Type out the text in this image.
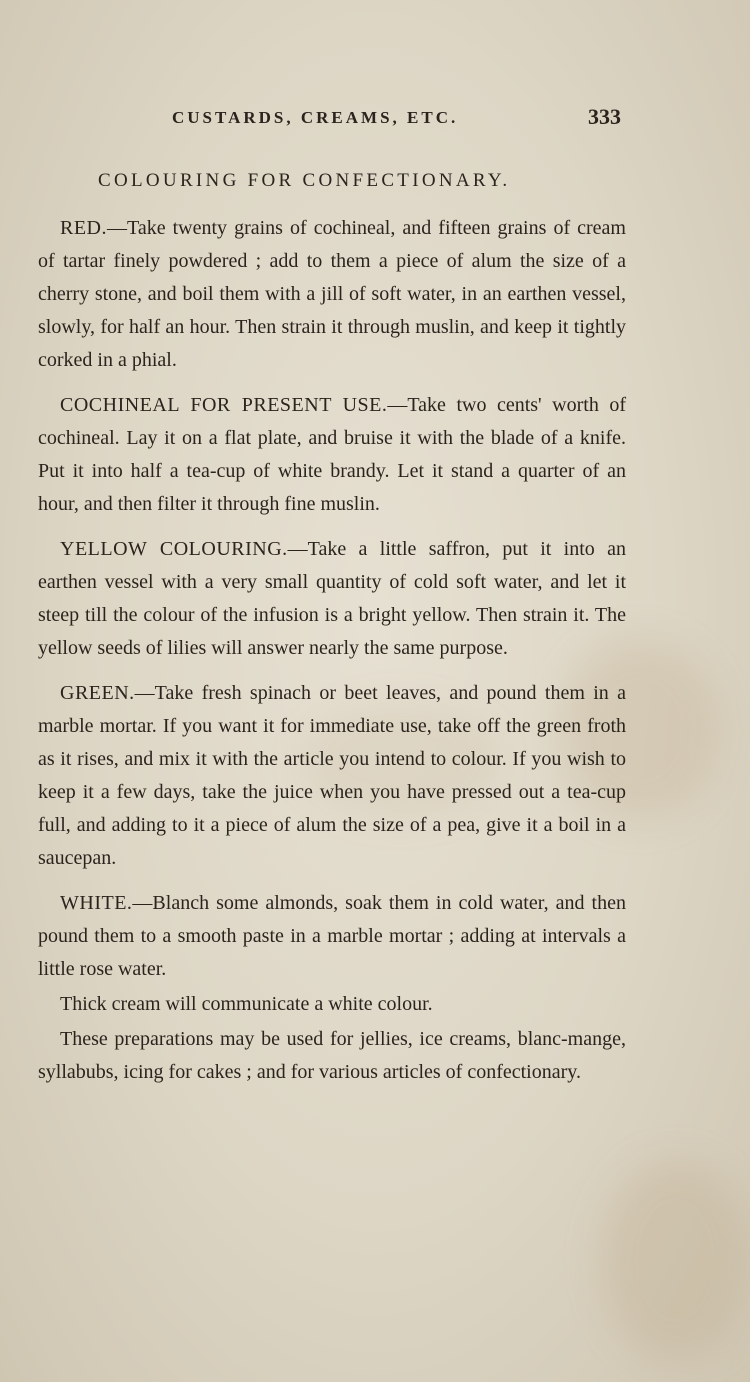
CUSTARDS, CREAMS, ETC.	333
COLOURING FOR CONFECTIONARY.

RED.—Take twenty grains of cochineal, and fifteen grains of cream of tartar finely powdered ; add to them a piece of alum the size of a cherry stone, and boil them with a jill of soft water, in an earthen vessel, slowly, for half an hour. Then strain it through muslin, and keep it tightly corked in a phial.

COCHINEAL FOR PRESENT USE.—Take two cents' worth of cochineal. Lay it on a flat plate, and bruise it with the blade of a knife. Put it into half a tea-cup of white brandy. Let it stand a quarter of an hour, and then filter it through fine muslin.

YELLOW COLOURING.—Take a little saffron, put it into an earthen vessel with a very small quantity of cold soft water, and let it steep till the colour of the infusion is a bright yellow. Then strain it. The yellow seeds of lilies will answer nearly the same purpose.

GREEN.—Take fresh spinach or beet leaves, and pound them in a marble mortar. If you want it for immediate use, take off the green froth as it rises, and mix it with the article you intend to colour. If you wish to keep it a few days, take the juice when you have pressed out a tea-cup full, and adding to it a piece of alum the size of a pea, give it a boil in a saucepan.

WHITE.—Blanch some almonds, soak them in cold water, and then pound them to a smooth paste in a marble mortar ; adding at intervals a little rose water.

Thick cream will communicate a white colour.

These preparations may be used for jellies, ice creams, blanc-mange, syllabubs, icing for cakes ; and for various articles of confectionary.
